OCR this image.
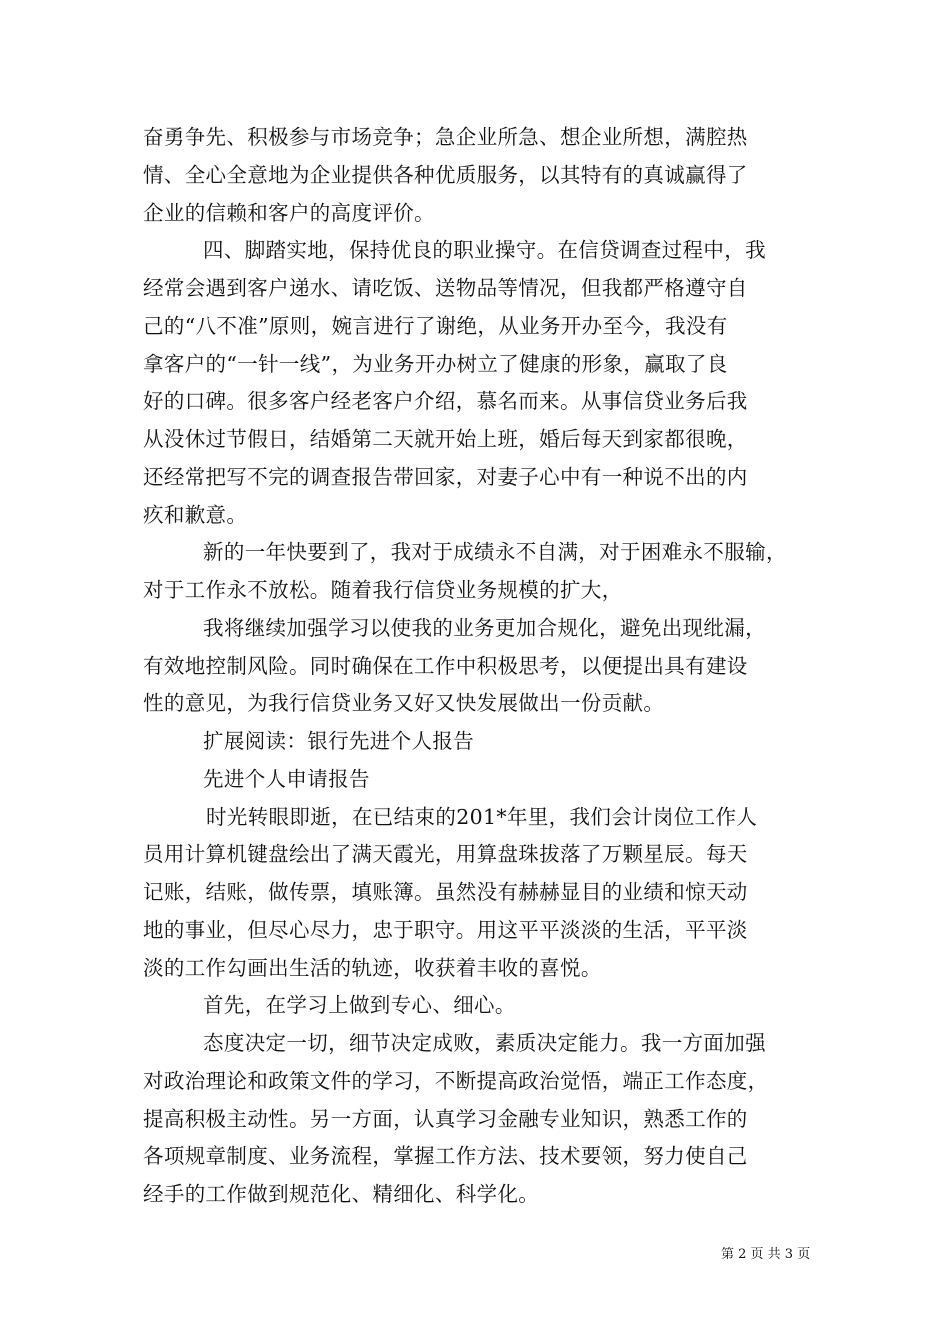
奋勇争先、积极参与市场竞争；急企业所急、想企业所想，满腔热
情、全心全意地为企业提供各种优质服务，以其特有的真诚赢得了
企业的信赖和客户的高度评价。
四、脚踏实地，保持优良的职业操守。在信贷调查过程中，我
经常会遇到客户递水、请吃饭、送物品等情况，但我都严格遵守自
己的“八不准”原则，婉言进行了谢绝，从业务开办至今，我没有
拿客户的“一针一线”，为业务开办树立了健康的形象，赢取了良
好的口碑。很多客户经老客户介绍，慕名而来。从事信贷业务后我
从没休过节假日，结婚第二天就开始上班，婚后每天到家都很晚，
还经常把写不完的调查报告带回家，对妻子心中有一种说不出的内
疚和歉意。
新的一年快要到了，我对于成绩永不自满，对于困难永不服输，
对于工作永不放松。随着我行信贷业务规模的扩大，
我将继续加强学习以使我的业务更加合规化，避免出现纰漏，
有效地控制风险。同时确保在工作中积极思考，以便提出具有建设
性的意见，为我行信贷业务又好又快发展做出一份贡献。
扩展阅读：银行先进个人报告
先进个人申请报告
时光转眼即逝，在已结束的201*年里，我们会计岗位工作人
员用计算机键盘绘出了满天霞光，用算盘珠拔落了万颗星辰。每天
记账，结账，做传票，填账簿。虽然没有赫赫显目的业绩和惊天动
地的事业，但尽心尽力，忠于职守。用这平平淡淡的生活，平平淡
淡的工作勾画出生活的轨迹，收获着丰收的喜悦。
首先，在学习上做到专心、细心。
态度决定一切，细节决定成败，素质决定能力。我一方面加强
对政治理论和政策文件的学习，不断提高政治觉悟，端正工作态度，
提高积极主动性。另一方面，认真学习金融专业知识，熟悉工作的
各项规章制度、业务流程，掌握工作方法、技术要领，努力使自己
经手的工作做到规范化、精细化、科学化。
第 2 页 共 3 页
